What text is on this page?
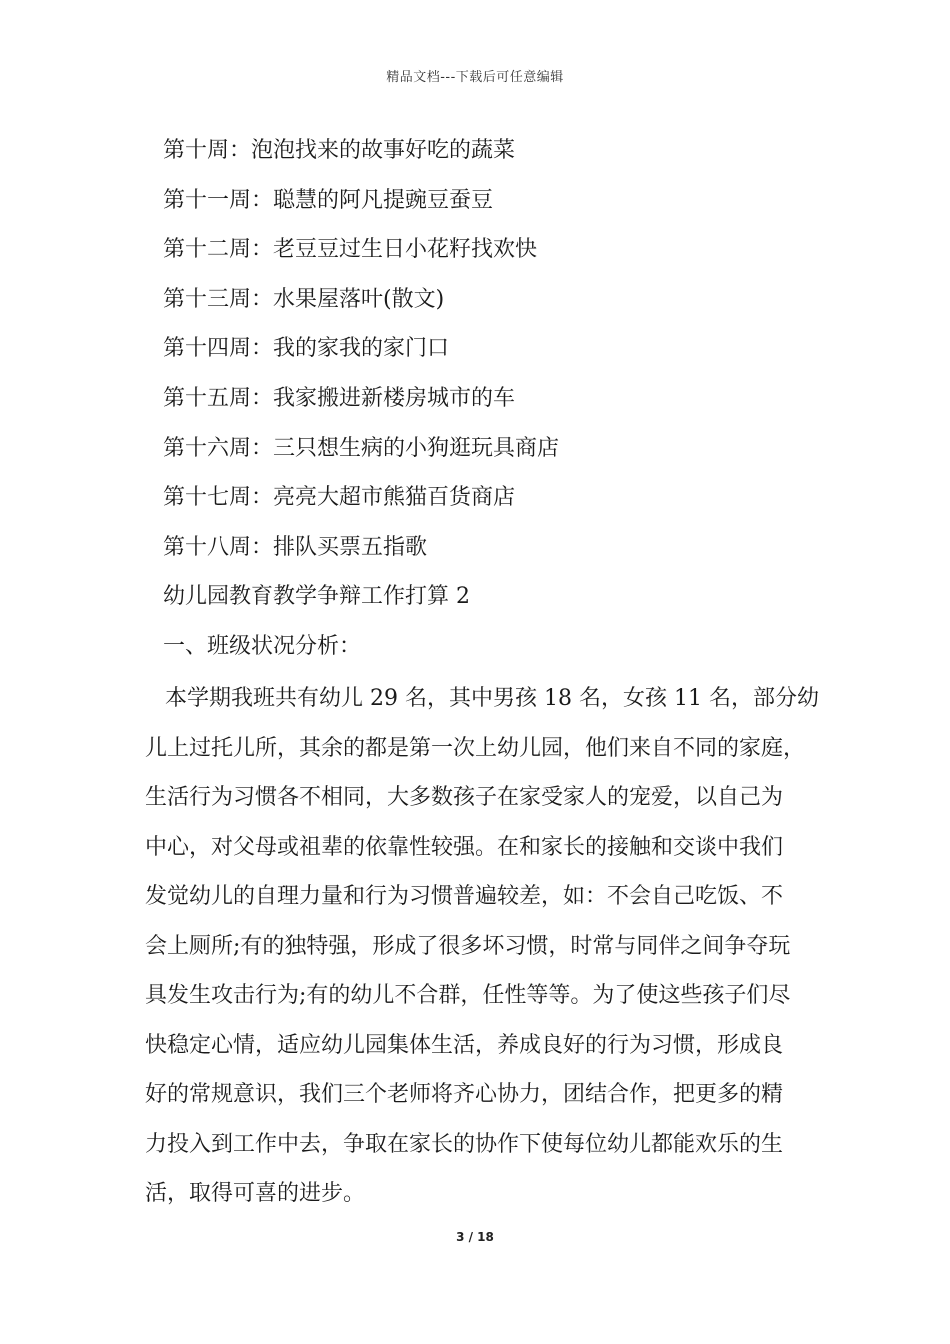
精品文档---下载后可任意编辑
第十周：泡泡找来的故事好吃的蔬菜
第十一周：聪慧的阿凡提豌豆蚕豆
第十二周：老豆豆过生日小花籽找欢快
第十三周：水果屋落叶(散文)
第十四周：我的家我的家门口
第十五周：我家搬进新楼房城市的车
第十六周：三只想生病的小狗逛玩具商店
第十七周：亮亮大超市熊猫百货商店
第十八周：排队买票五指歌
幼儿园教育教学争辩工作打算 2
一、班级状况分析：

本学期我班共有幼儿 29 名，其中男孩 18 名，女孩 11 名，部分幼
儿上过托儿所，其余的都是第一次上幼儿园，他们来自不同的家庭，
生活行为习惯各不相同，大多数孩子在家受家人的宠爱，以自己为
中心，对父母或祖辈的依靠性较强。在和家长的接触和交谈中我们
发觉幼儿的自理力量和行为习惯普遍较差，如：不会自己吃饭、不
会上厕所;有的独特强，形成了很多坏习惯，时常与同伴之间争夺玩
具发生攻击行为;有的幼儿不合群，任性等等。为了使这些孩子们尽
快稳定心情，适应幼儿园集体生活，养成良好的行为习惯，形成良
好的常规意识，我们三个老师将齐心协力，团结合作，把更多的精
力投入到工作中去，争取在家长的协作下使每位幼儿都能欢乐的生
活，取得可喜的进步。

3 / 18
